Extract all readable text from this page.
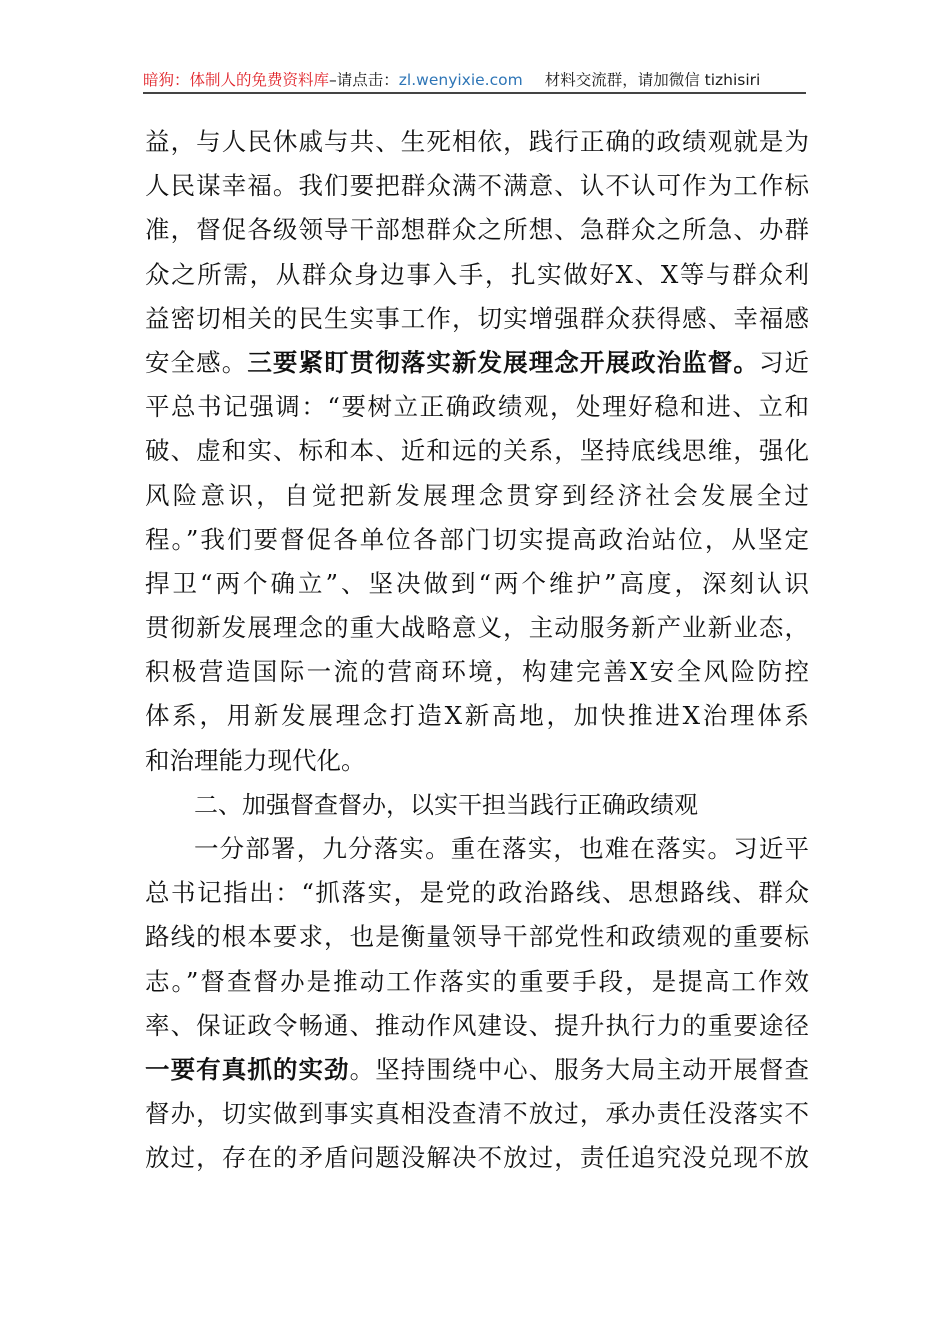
暗狗：体制人的免费资料库–请点击：zl.wenyixie.com 材料交流群，请加微信 tizhisiri
益，与人民休戚与共、生死相依，践行正确的政绩观就是为
人民谋幸福。我们要把群众满不满意、认不认可作为工作标
准，督促各级领导干部想群众之所想、急群众之所急、办群
众之所需，从群众身边事入手，扎实做好X、X等与群众利
益密切相关的民生实事工作，切实增强群众获得感、幸福感
安全感。三要紧盯贯彻落实新发展理念开展政治监督。习近
平总书记强调：“要树立正确政绩观，处理好稳和进、立和
破、虚和实、标和本、近和远的关系，坚持底线思维，强化
风险意识，自觉把新发展理念贯穿到经济社会发展全过
程。”我们要督促各单位各部门切实提高政治站位，从坚定
捍卫“两个确立”、坚决做到“两个维护”高度，深刻认识
贯彻新发展理念的重大战略意义，主动服务新产业新业态，
积极营造国际一流的营商环境，构建完善X安全风险防控
体系，用新发展理念打造X新高地，加快推进X治理体系
和治理能力现代化。
二、加强督查督办，以实干担当践行正确政绩观
一分部署，九分落实。重在落实，也难在落实。习近平
总书记指出：“抓落实，是党的政治路线、思想路线、群众
路线的根本要求，也是衡量领导干部党性和政绩观的重要标
志。”督查督办是推动工作落实的重要手段，是提高工作效
率、保证政令畅通、推动作风建设、提升执行力的重要途径
一要有真抓的实劲。坚持围绕中心、服务大局主动开展督查
督办，切实做到事实真相没查清不放过，承办责任没落实不
放过，存在的矛盾问题没解决不放过，责任追究没兑现不放
